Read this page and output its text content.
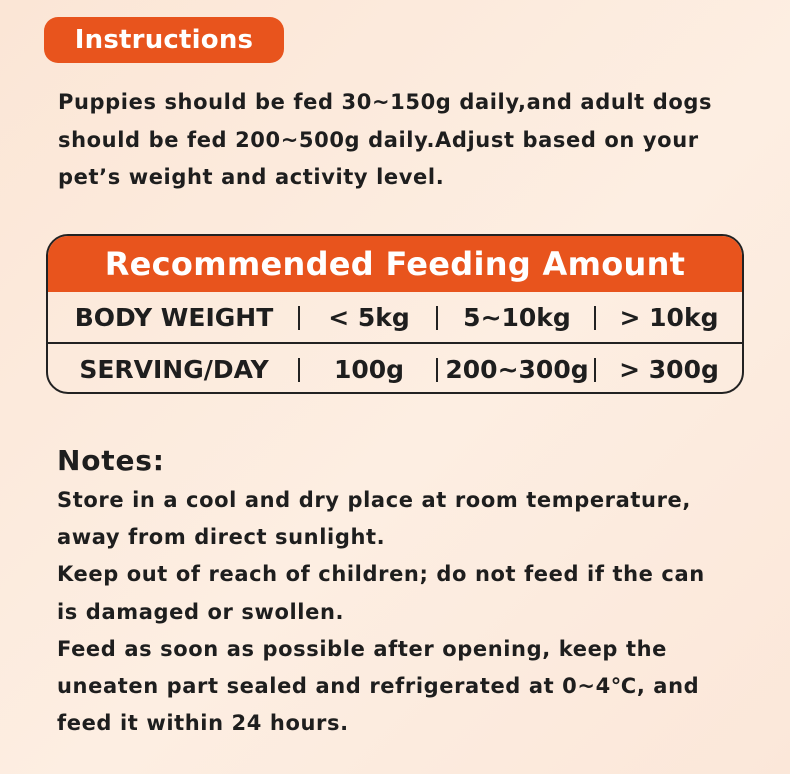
Instructions
Puppies should be fed 30~150g daily,and adult dogs
should be fed 200~500g daily.Adjust based on your
pet’s weight and activity level.
Recommended Feeding Amount
BODY WEIGHT	< 5kg	5~10kg	> 10kg
SERVING/DAY	100g	200~300g	> 300g
Notes:

Store in a cool and dry place at room temperature,

away from direct sunlight.

Keep out of reach of children; do not feed if the can

is damaged or swollen.

Feed as soon as possible after opening, keep the

uneaten part sealed and refrigerated at 0~4℃, and

feed it within 24 hours.
